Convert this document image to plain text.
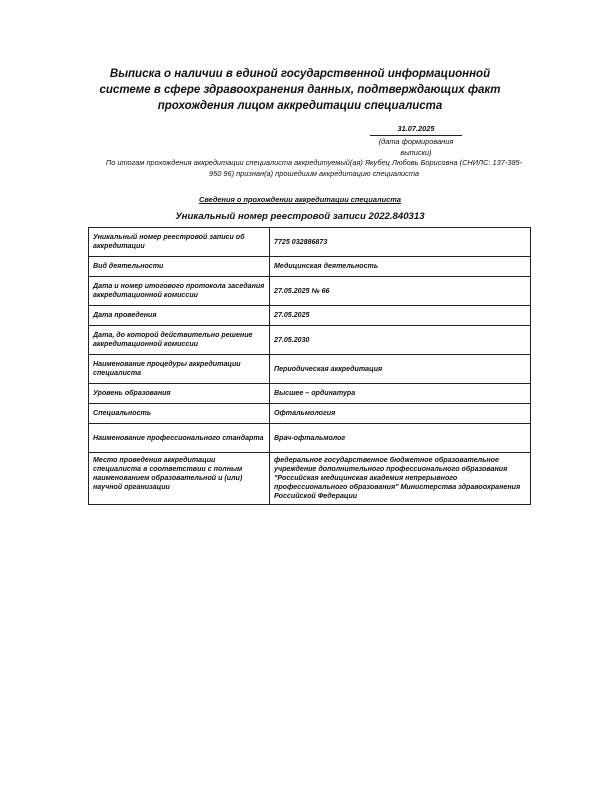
Выписка о наличии в единой государственной информационной
системе в сфере здравоохранения данных, подтверждающих факт
прохождения лицом аккредитации специалиста
31.07.2025
(дата формирования выписки)
По итогам прохождения аккредитации специалиста аккредитуемый(ая) Якубец Любовь Борисовна (СНИЛС: 137-385-
950 96) признан(а) прошедшим аккредитацию специалиста
Сведения о прохождении аккредитации специалиста
Уникальный номер реестровой записи 2022.840313
Уникальный номер реестровой записи об аккредитации	7725 032886873
Вид деятельности	Медицинская деятельность
Дата и номер итогового протокола заседания аккредитационной комиссии	27.05.2025 № 66
Дата проведения	27.05.2025
Дата, до которой действительно решение аккредитационной комиссии	27.05.2030
Наименование процедуры аккредитации специалиста	Периодическая аккредитация
Уровень образования	Высшее – ординатура
Специальность	Офтальмология
Наименование профессионального стандарта	Врач-офтальмолог
Место проведения аккредитации специалиста в соответствии с полным наименованием образовательной и (или) научной организации	федеральное государственное бюджетное образовательное учреждение дополнительного профессионального образования "Российская медицинская академия непрерывного профессионального образования" Министерства здравоохранения Российской Федерации
